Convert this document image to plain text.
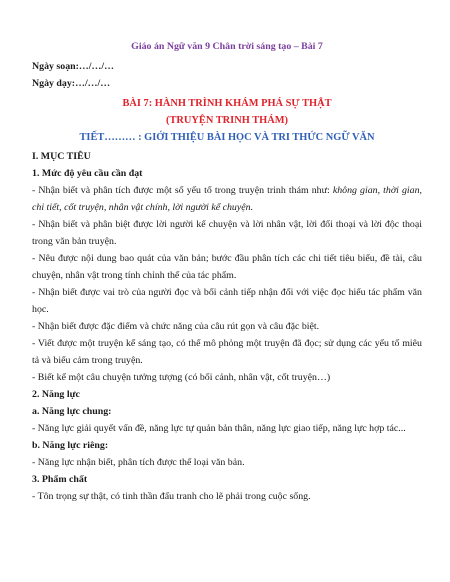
Giáo án Ngữ văn 9 Chân trời sáng tạo – Bài 7
Ngày soạn:…/…/…
Ngày dạy:…/…/…
BÀI 7: HÀNH TRÌNH KHÁM PHÁ SỰ THẬT
(TRUYỆN TRINH THÁM)
TIẾT……… : GIỚI THIỆU BÀI HỌC VÀ TRI THỨC NGỮ VĂN
I. MỤC TIÊU
1. Mức độ yêu cầu cần đạt

- Nhận biết và phân tích được một số yếu tố trong truyện trinh thám như: không gian, thời gian, chi tiết, cốt truyện, nhân vật chính, lời người kể chuyện.

- Nhận biết và phân biệt được lời người kể chuyện và lời nhân vật, lời đối thoại và lời độc thoại trong văn bản truyện.

- Nêu được nội dung bao quát của văn bản; bước đầu phân tích các chi tiết tiêu biểu, đề tài, câu chuyện, nhân vật trong tính chỉnh thể của tác phẩm.

- Nhận biết được vai trò của người đọc và bối cảnh tiếp nhận đối với việc đọc hiểu tác phẩm văn học.

- Nhận biết được đặc điểm và chức năng của câu rút gọn và câu đặc biệt.

- Viết được một truyện kể sáng tạo, có thể mô phỏng một truyện đã đọc; sử dụng các yếu tố miêu tả và biểu cảm trong truyện.

- Biết kể một câu chuyện tưởng tượng (có bối cảnh, nhân vật, cốt truyện…)

2. Năng lực
a. Năng lực chung:

- Năng lực giải quyết vấn đề, năng lực tự quản bản thân, năng lực giao tiếp, năng lực hợp tác...

b. Năng lực riêng:

- Năng lực nhận biết, phân tích được thể loại văn bản.

3. Phẩm chất

- Tôn trọng sự thật, có tinh thần đấu tranh cho lẽ phải trong cuộc sống.
